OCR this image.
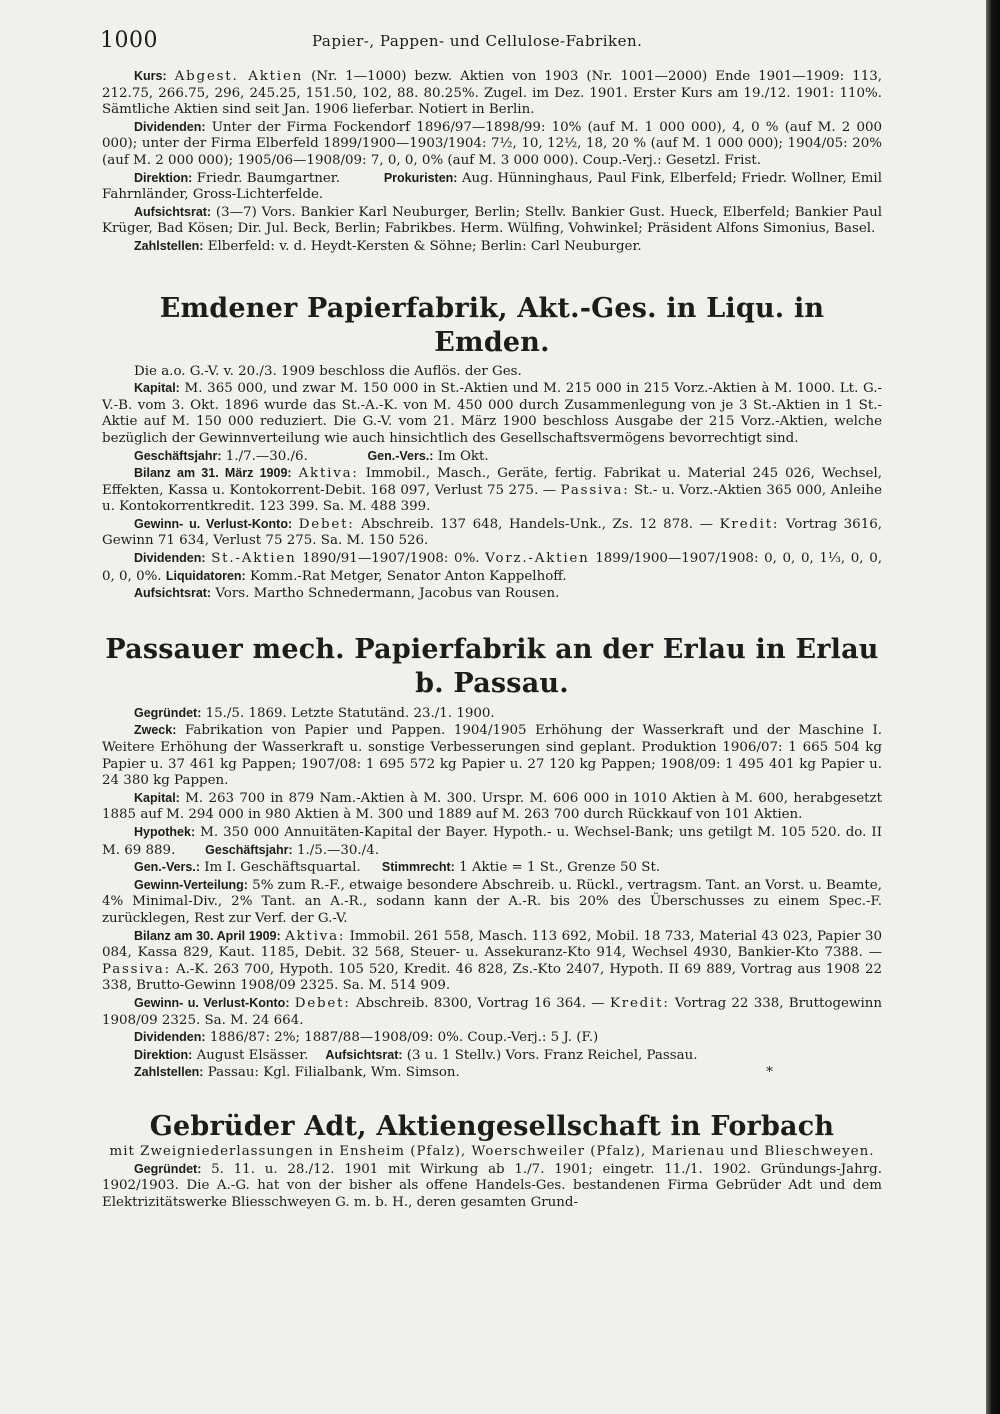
1000	Papier-, Pappen- und Cellulose-Fabriken.

Kurs: Abgest. Aktien (Nr. 1—1000) bezw. Aktien von 1903 (Nr. 1001—2000) Ende 1901—1909: 113, 212.75, 266.75, 296, 245.25, 151.50, 102, 88. 80.25%. Zugel. im Dez. 1901. Erster Kurs am 19./12. 1901: 110%. Sämtliche Aktien sind seit Jan. 1906 lieferbar. Notiert in Berlin.

Dividenden: Unter der Firma Fockendorf 1896/97—1898/99: 10% (auf M. 1 000 000), 4, 0 % (auf M. 2 000 000); unter der Firma Elberfeld 1899/1900—1903/1904: 7½, 10, 12½, 18, 20 % (auf M. 1 000 000); 1904/05: 20% (auf M. 2 000 000); 1905/06—1908/09: 7, 0, 0, 0% (auf M. 3 000 000). Coup.-Verj.: Gesetzl. Frist.

Direktion: Friedr. Baumgartner.	Prokuristen: Aug. Hünninghaus, Paul Fink, Elberfeld; Friedr. Wollner, Emil Fahrnländer, Gross-Lichterfelde.

Aufsichtsrat: (3—7) Vors. Bankier Karl Neuburger, Berlin; Stellv. Bankier Gust. Hueck, Elberfeld; Bankier Paul Krüger, Bad Kösen; Dir. Jul. Beck, Berlin; Fabrikbes. Herm. Wülfing, Vohwinkel; Präsident Alfons Simonius, Basel.

Zahlstellen: Elberfeld: v. d. Heydt-Kersten & Söhne; Berlin: Carl Neuburger.

Emdener Papierfabrik, Akt.-Ges. in Liqu. in Emden.

Die a.o. G.-V. v. 20./3. 1909 beschloss die Auflös. der Ges.

Kapital: M. 365 000, und zwar M. 150 000 in St.-Aktien und M. 215 000 in 215 Vorz.-Aktien à M. 1000. Lt. G.-V.-B. vom 3. Okt. 1896 wurde das St.-A.-K. von M. 450 000 durch Zusammenlegung von je 3 St.-Aktien in 1 St.-Aktie auf M. 150 000 reduziert. Die G.-V. vom 21. März 1900 beschloss Ausgabe der 215 Vorz.-Aktien, welche bezüglich der Gewinnverteilung wie auch hinsichtlich des Gesellschaftsvermögens bevorrechtigt sind.

Geschäftsjahr: 1./7.—30./6.	Gen.-Vers.: Im Okt.

Bilanz am 31. März 1909: Aktiva: Immobil., Masch., Geräte, fertig. Fabrikat u. Material 245 026, Wechsel, Effekten, Kassa u. Kontokorrent-Debit. 168 097, Verlust 75 275. — Passiva: St.- u. Vorz.-Aktien 365 000, Anleihe u. Kontokorrentkredit. 123 399. Sa. M. 488 399.

Gewinn- u. Verlust-Konto: Debet: Abschreib. 137 648, Handels-Unk., Zs. 12 878. — Kredit: Vortrag 3616, Gewinn 71 634, Verlust 75 275. Sa. M. 150 526.

Dividenden: St.-Aktien 1890/91—1907/1908: 0%. Vorz.-Aktien 1899/1900—1907/1908: 0, 0, 0, 1⅓, 0, 0, 0, 0, 0%. Liquidatoren: Komm.-Rat Metger, Senator Anton Kappelhoff.

Aufsichtsrat: Vors. Martho Schnedermann, Jacobus van Rousen.

Passauer mech. Papierfabrik an der Erlau in Erlau b. Passau.

Gegründet: 15./5. 1869. Letzte Statutänd. 23./1. 1900.

Zweck: Fabrikation von Papier und Pappen. 1904/1905 Erhöhung der Wasserkraft und der Maschine I. Weitere Erhöhung der Wasserkraft u. sonstige Verbesserungen sind geplant. Produktion 1906/07: 1 665 504 kg Papier u. 37 461 kg Pappen; 1907/08: 1 695 572 kg Papier u. 27 120 kg Pappen; 1908/09: 1 495 401 kg Papier u. 24 380 kg Pappen.

Kapital: M. 263 700 in 879 Nam.-Aktien à M. 300. Urspr. M. 606 000 in 1010 Aktien à M. 600, herabgesetzt 1885 auf M. 294 000 in 980 Aktien à M. 300 und 1889 auf M. 263 700 durch Rückkauf von 101 Aktien.

Hypothek: M. 350 000 Annuitäten-Kapital der Bayer. Hypoth.- u. Wechsel-Bank; uns getilgt M. 105 520. do. II M. 69 889. Geschäftsjahr: 1./5.—30./4.

Gen.-Vers.: Im I. Geschäftsquartal. Stimmrecht: 1 Aktie = 1 St., Grenze 50 St.

Gewinn-Verteilung: 5% zum R.-F., etwaige besondere Abschreib. u. Rückl., vertragsm. Tant. an Vorst. u. Beamte, 4% Minimal-Div., 2% Tant. an A.-R., sodann kann der A.-R. bis 20% des Überschusses zu einem Spec.-F. zurücklegen, Rest zur Verf. der G.-V.

Bilanz am 30. April 1909: Aktiva: Immobil. 261 558, Masch. 113 692, Mobil. 18 733, Material 43 023, Papier 30 084, Kassa 829, Kaut. 1185, Debit. 32 568, Steuer- u. Assekuranz-Kto 914, Wechsel 4930, Bankier-Kto 7388. — Passiva: A.-K. 263 700, Hypoth. 105 520, Kredit. 46 828, Zs.-Kto 2407, Hypoth. II 69 889, Vortrag aus 1908 22 338, Brutto-Gewinn 1908/09 2325. Sa. M. 514 909.

Gewinn- u. Verlust-Konto: Debet: Abschreib. 8300, Vortrag 16 364. — Kredit: Vortrag 22 338, Bruttogewinn 1908/09 2325. Sa. M. 24 664.

Dividenden: 1886/87: 2%; 1887/88—1908/09: 0%. Coup.-Verj.: 5 J. (F.)

Direktion: August Elsässer. Aufsichtsrat: (3 u. 1 Stellv.) Vors. Franz Reichel, Passau.

Zahlstellen: Passau: Kgl. Filialbank, Wm. Simson.	*

Gebrüder Adt, Aktiengesellschaft in Forbach

mit Zweigniederlassungen in Ensheim (Pfalz), Woerschweiler (Pfalz), Marienau und Blieschweyen.

Gegründet: 5. 11. u. 28./12. 1901 mit Wirkung ab 1./7. 1901; eingetr. 11./1. 1902. Gründungs-Jahrg. 1902/1903. Die A.-G. hat von der bisher als offene Handels-Ges. bestandenen Firma Gebrüder Adt und dem Elektrizitätswerke Bliesschweyen G. m. b. H., deren gesamten Grund-
